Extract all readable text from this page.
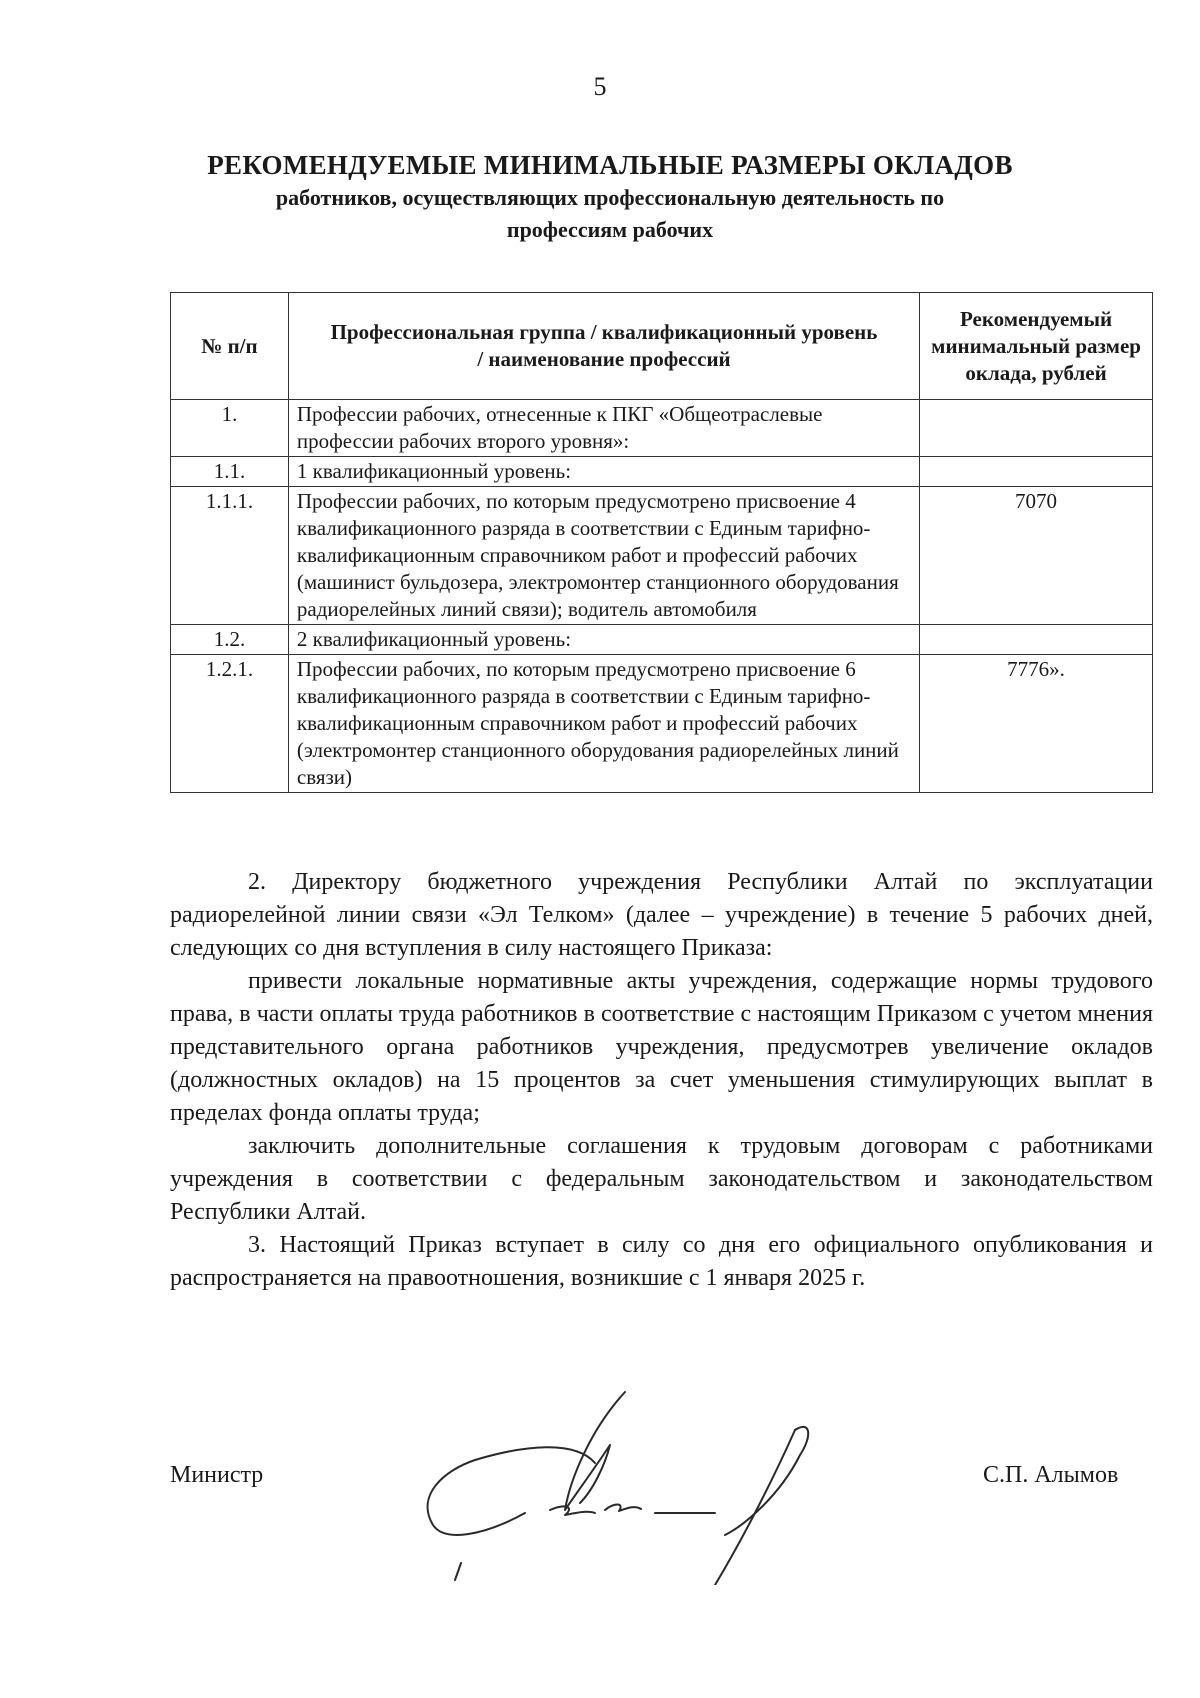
5
РЕКОМЕНДУЕМЫЕ МИНИМАЛЬНЫЕ РАЗМЕРЫ ОКЛАДОВ
работников, осуществляющих профессиональную деятельность по
профессиям рабочих
№ п/п	Профессиональная группа / квалификационный уровень / наименование профессий	Рекомендуемый минимальный размер оклада, рублей
1.	Профессии рабочих, отнесенные к ПКГ «Общеотраслевые профессии рабочих второго уровня»:	
1.1.	1 квалификационный уровень:	
1.1.1.	Профессии рабочих, по которым предусмотрено присвоение 4 квалификационного разряда в соответствии с Единым тарифно-квалификационным справочником работ и профессий рабочих (машинист бульдозера, электромонтер станционного оборудования радиорелейных линий связи); водитель автомобиля	7070
1.2.	2 квалификационный уровень:	
1.2.1.	Профессии рабочих, по которым предусмотрено присвоение 6 квалификационного разряда в соответствии с Единым тарифно-квалификационным справочником работ и профессий рабочих (электромонтер станционного оборудования радиорелейных линий связи)	7776».

2. Директору бюджетного учреждения Республики Алтай по эксплуатации радиорелейной линии связи «Эл Телком» (далее – учреждение) в течение 5 рабочих дней, следующих со дня вступления в силу настоящего Приказа:

привести локальные нормативные акты учреждения, содержащие нормы трудового права, в части оплаты труда работников в соответствие с настоящим Приказом с учетом мнения представительного органа работников учреждения, предусмотрев увеличение окладов (должностных окладов) на 15 процентов за счет уменьшения стимулирующих выплат в пределах фонда оплаты труда;

заключить дополнительные соглашения к трудовым договорам с работниками учреждения в соответствии с федеральным законодательством и законодательством Республики Алтай.

3. Настоящий Приказ вступает в силу со дня его официального опубликования и распространяется на правоотношения, возникшие с 1 января 2025 г.

Министр	С.П. Алымов
